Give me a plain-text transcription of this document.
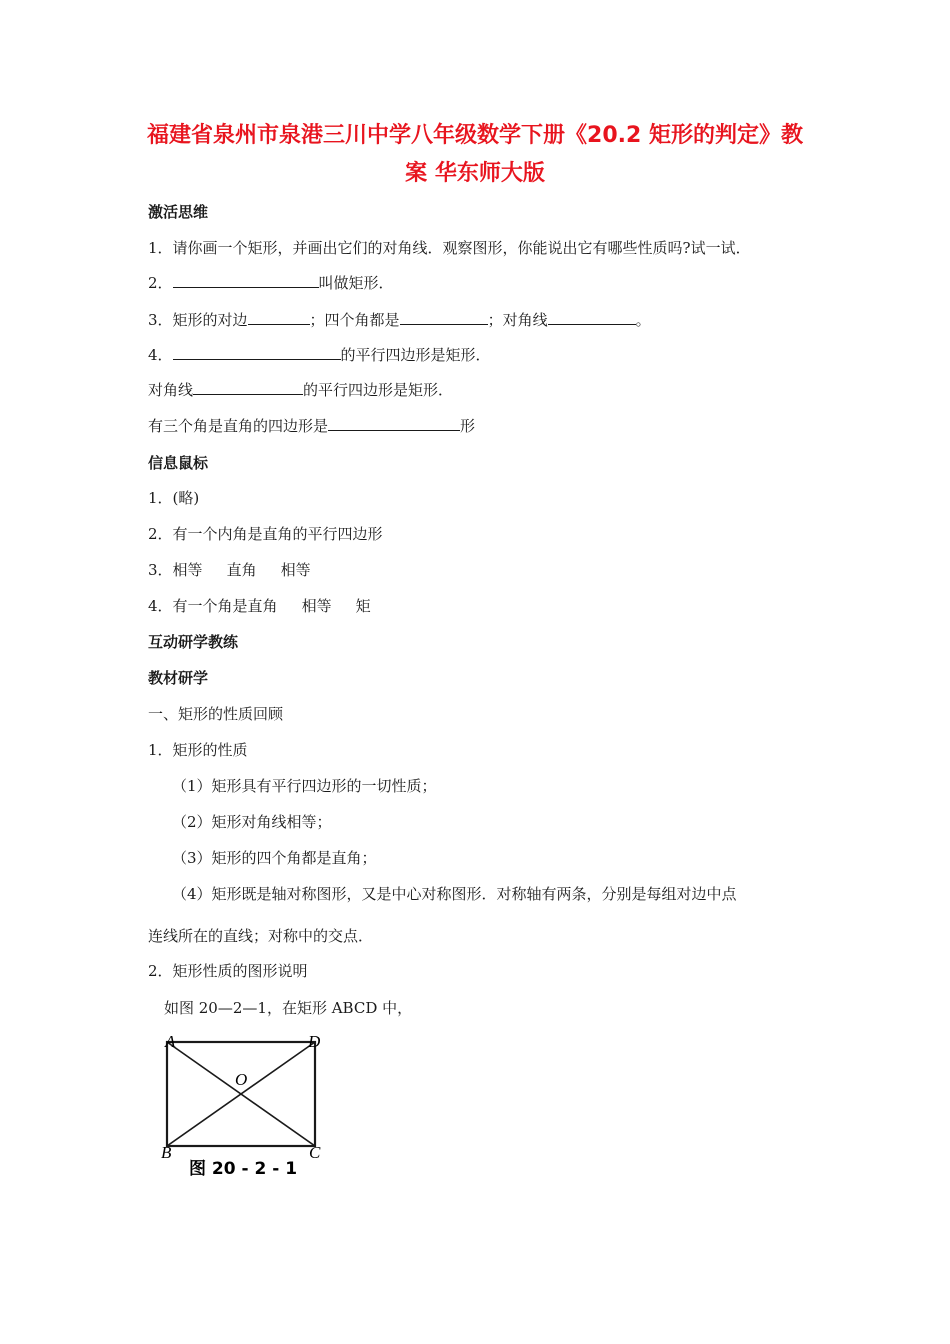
福建省泉州市泉港三川中学八年级数学下册《20.2 矩形的判定》教
案 华东师大版
激活思维
1．请你画一个矩形，并画出它们的对角线．观察图形，你能说出它有哪些性质吗?试一试．
2．	叫做矩形．
3．矩形的对边	；四个角都是	；对角线	。
4．	的平行四边形是矩形．
对角线	的平行四边形是矩形．
有三个角是直角的四边形是	形
信息鼠标
1．(略)
2．有一个内角是直角的平行四边形
3．相等 直角 相等
4．有一个角是直角 相等 矩
互动研学教练
教材研学
一、矩形的性质回顾
1．矩形的性质
（1）矩形具有平行四边形的一切性质；
（2）矩形对角线相等；
（3）矩形的四个角都是直角；
（4）矩形既是轴对称图形，又是中心对称图形．对称轴有两条，分别是每组对边中点
连线所在的直线；对称中的交点．
2．矩形性质的图形说明
如图 20—2—1，在矩形 ABCD 中，
A	D
B	C
O
图 20 - 2 - 1
